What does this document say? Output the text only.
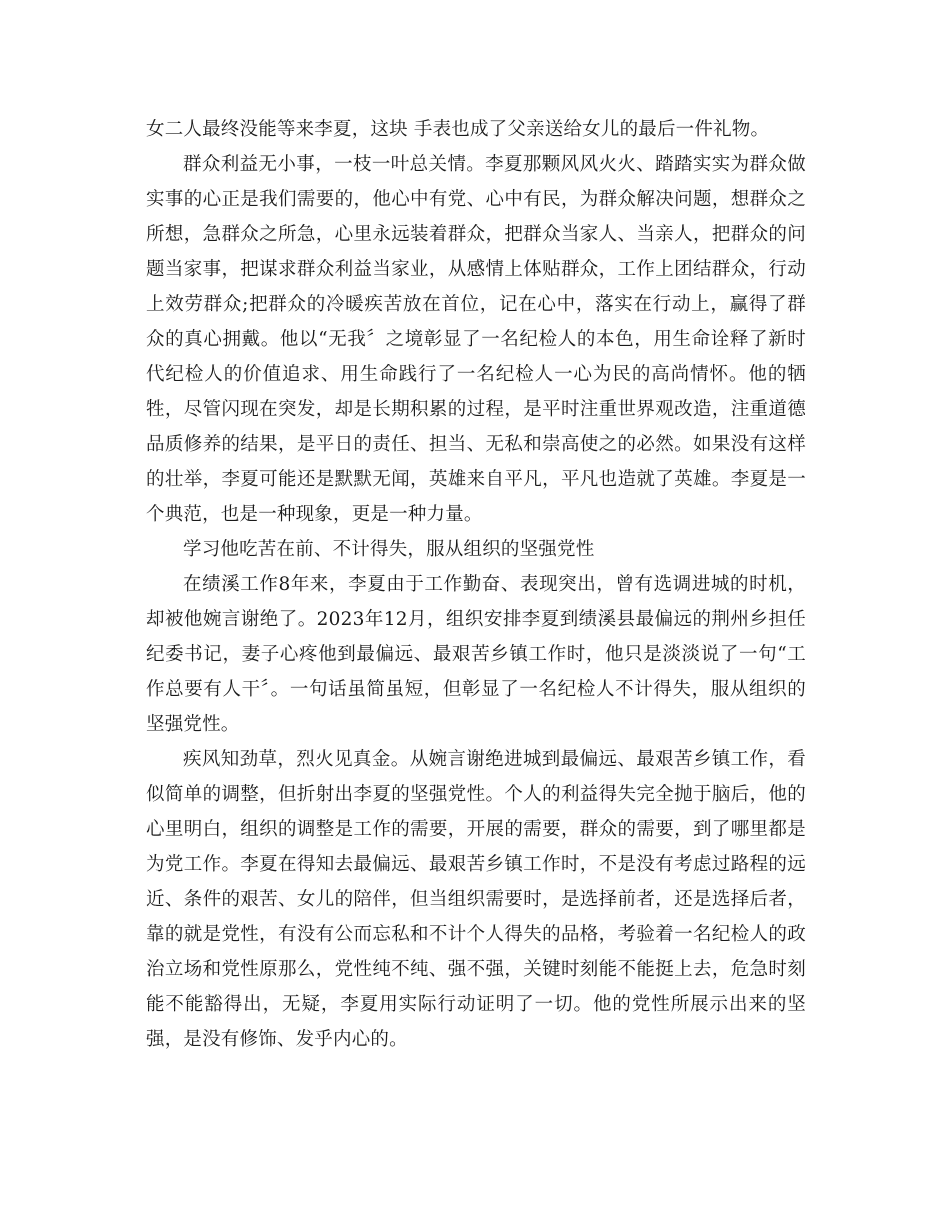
女二人最终没能等来李夏，这块 手表也成了父亲送给女儿的最后一件礼物。

群众利益无小事，一枝一叶总关情。李夏那颗风风火火、踏踏实实为群众做实事的心正是我们需要的，他心中有党、心中有民，为群众解决问题，想群众之所想，急群众之所急，心里永远装着群众，把群众当家人、当亲人，把群众的问题当家事，把谋求群众利益当家业，从感情上体贴群众，工作上团结群众，行动上效劳群众;把群众的冷暖疾苦放在首位，记在心中，落实在行动上，赢得了群众的真心拥戴。他以“无我〞之境彰显了一名纪检人的本色，用生命诠释了新时代纪检人的价值追求、用生命践行了一名纪检人一心为民的高尚情怀。他的牺牲，尽管闪现在突发，却是长期积累的过程，是平时注重世界观改造，注重道德品质修养的结果，是平日的责任、担当、无私和崇高使之的必然。如果没有这样的壮举，李夏可能还是默默无闻，英雄来自平凡，平凡也造就了英雄。李夏是一个典范，也是一种现象，更是一种力量。

学习他吃苦在前、不计得失，服从组织的坚强党性

在绩溪工作8年来，李夏由于工作勤奋、表现突出，曾有选调进城的时机，却被他婉言谢绝了。2023年12月，组织安排李夏到绩溪县最偏远的荆州乡担任纪委书记，妻子心疼他到最偏远、最艰苦乡镇工作时，他只是淡淡说了一句“工作总要有人干〞。一句话虽简虽短，但彰显了一名纪检人不计得失，服从组织的坚强党性。

疾风知劲草，烈火见真金。从婉言谢绝进城到最偏远、最艰苦乡镇工作，看似简单的调整，但折射出李夏的坚强党性。个人的利益得失完全抛于脑后，他的心里明白，组织的调整是工作的需要，开展的需要，群众的需要，到了哪里都是为党工作。李夏在得知去最偏远、最艰苦乡镇工作时，不是没有考虑过路程的远近、条件的艰苦、女儿的陪伴，但当组织需要时，是选择前者，还是选择后者，靠的就是党性，有没有公而忘私和不计个人得失的品格，考验着一名纪检人的政治立场和党性原那么，党性纯不纯、强不强，关键时刻能不能挺上去，危急时刻能不能豁得出，无疑，李夏用实际行动证明了一切。他的党性所展示出来的坚强，是没有修饰、发乎内心的。
